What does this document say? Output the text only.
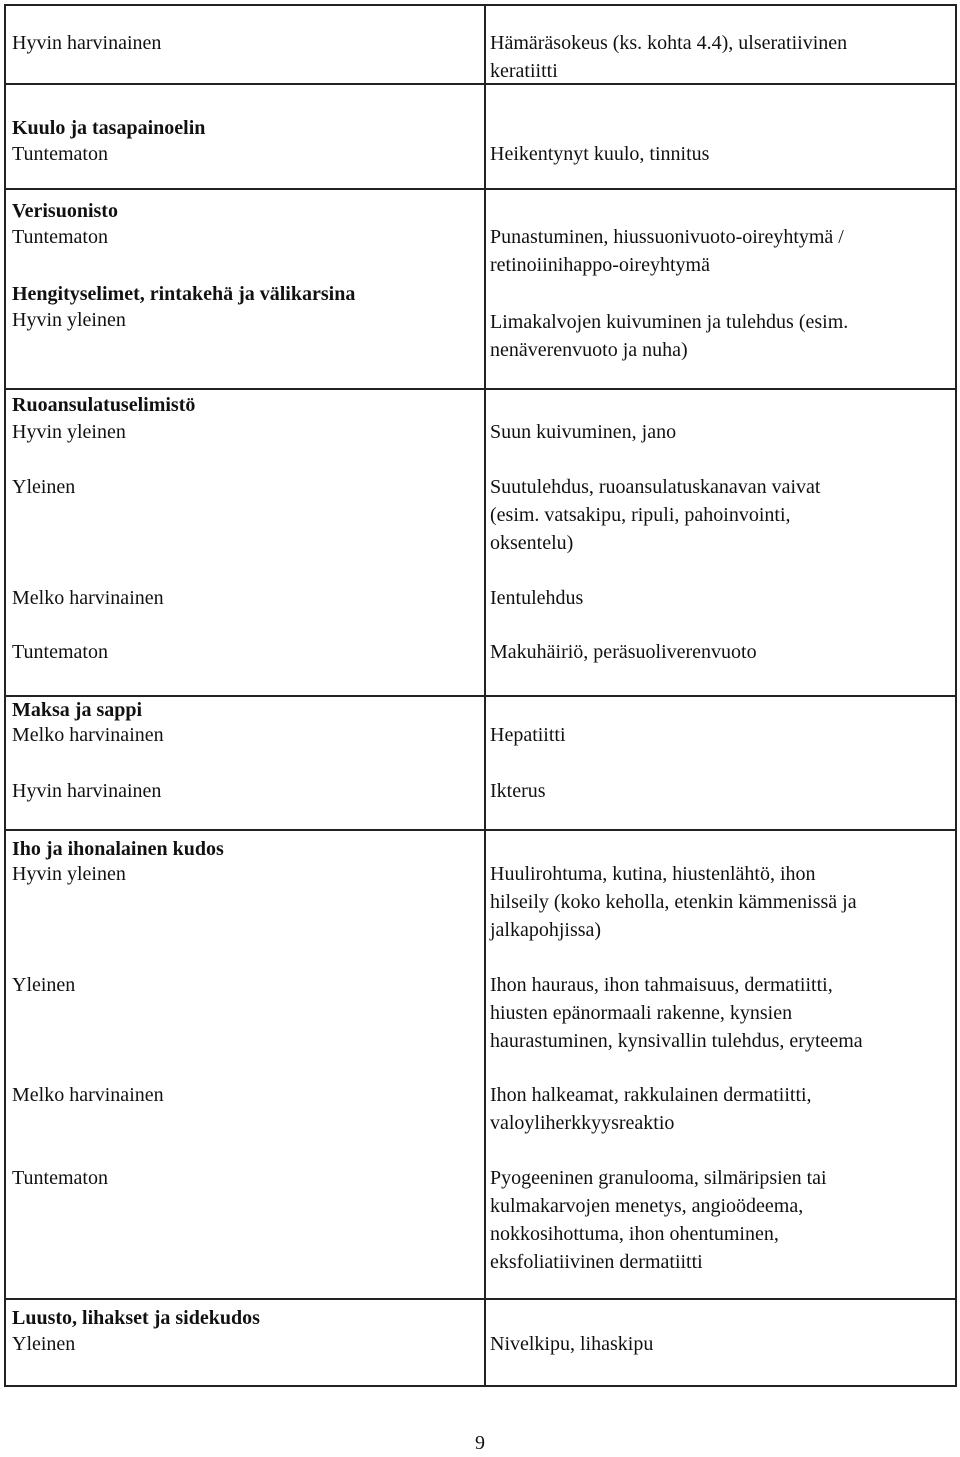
Hyvin harvinainen	Hämäräsokeus (ks. kohta 4.4), ulseratiivinen
keratiitti
Kuulo ja tasapainoelin
Tuntematon	Heikentynyt kuulo, tinnitus
Verisuonisto
Tuntematon	Punastuminen, hiussuonivuoto-oireyhtymä /
retinoiinihappo-oireyhtymä
Hengityselimet, rintakehä ja välikarsina
Hyvin yleinen	Limakalvojen kuivuminen ja tulehdus (esim.
nenäverenvuoto ja nuha)
Ruoansulatuselimistö
Hyvin yleinen	Suun kuivuminen, jano
Yleinen	Suutulehdus, ruoansulatuskanavan vaivat
(esim. vatsakipu, ripuli, pahoinvointi,
oksentelu)
Melko harvinainen	Ientulehdus
Tuntematon	Makuhäiriö, peräsuoliverenvuoto
Maksa ja sappi
Melko harvinainen	Hepatiitti
Hyvin harvinainen	Ikterus
Iho ja ihonalainen kudos
Hyvin yleinen	Huulirohtuma, kutina, hiustenlähtö, ihon
hilseily (koko keholla, etenkin kämmenissä ja
jalkapohjissa)
Yleinen	Ihon hauraus, ihon tahmaisuus, dermatiitti,
hiusten epänormaali rakenne, kynsien
haurastuminen, kynsivallin tulehdus, eryteema
Melko harvinainen	Ihon halkeamat, rakkulainen dermatiitti,
valoyliherkkyysreaktio
Tuntematon	Pyogeeninen granulooma, silmäripsien tai
kulmakarvojen menetys, angioödeema,
nokkosihottuma, ihon ohentuminen,
eksfoliatiivinen dermatiitti
Luusto, lihakset ja sidekudos
Yleinen	Nivelkipu, lihaskipu
9
